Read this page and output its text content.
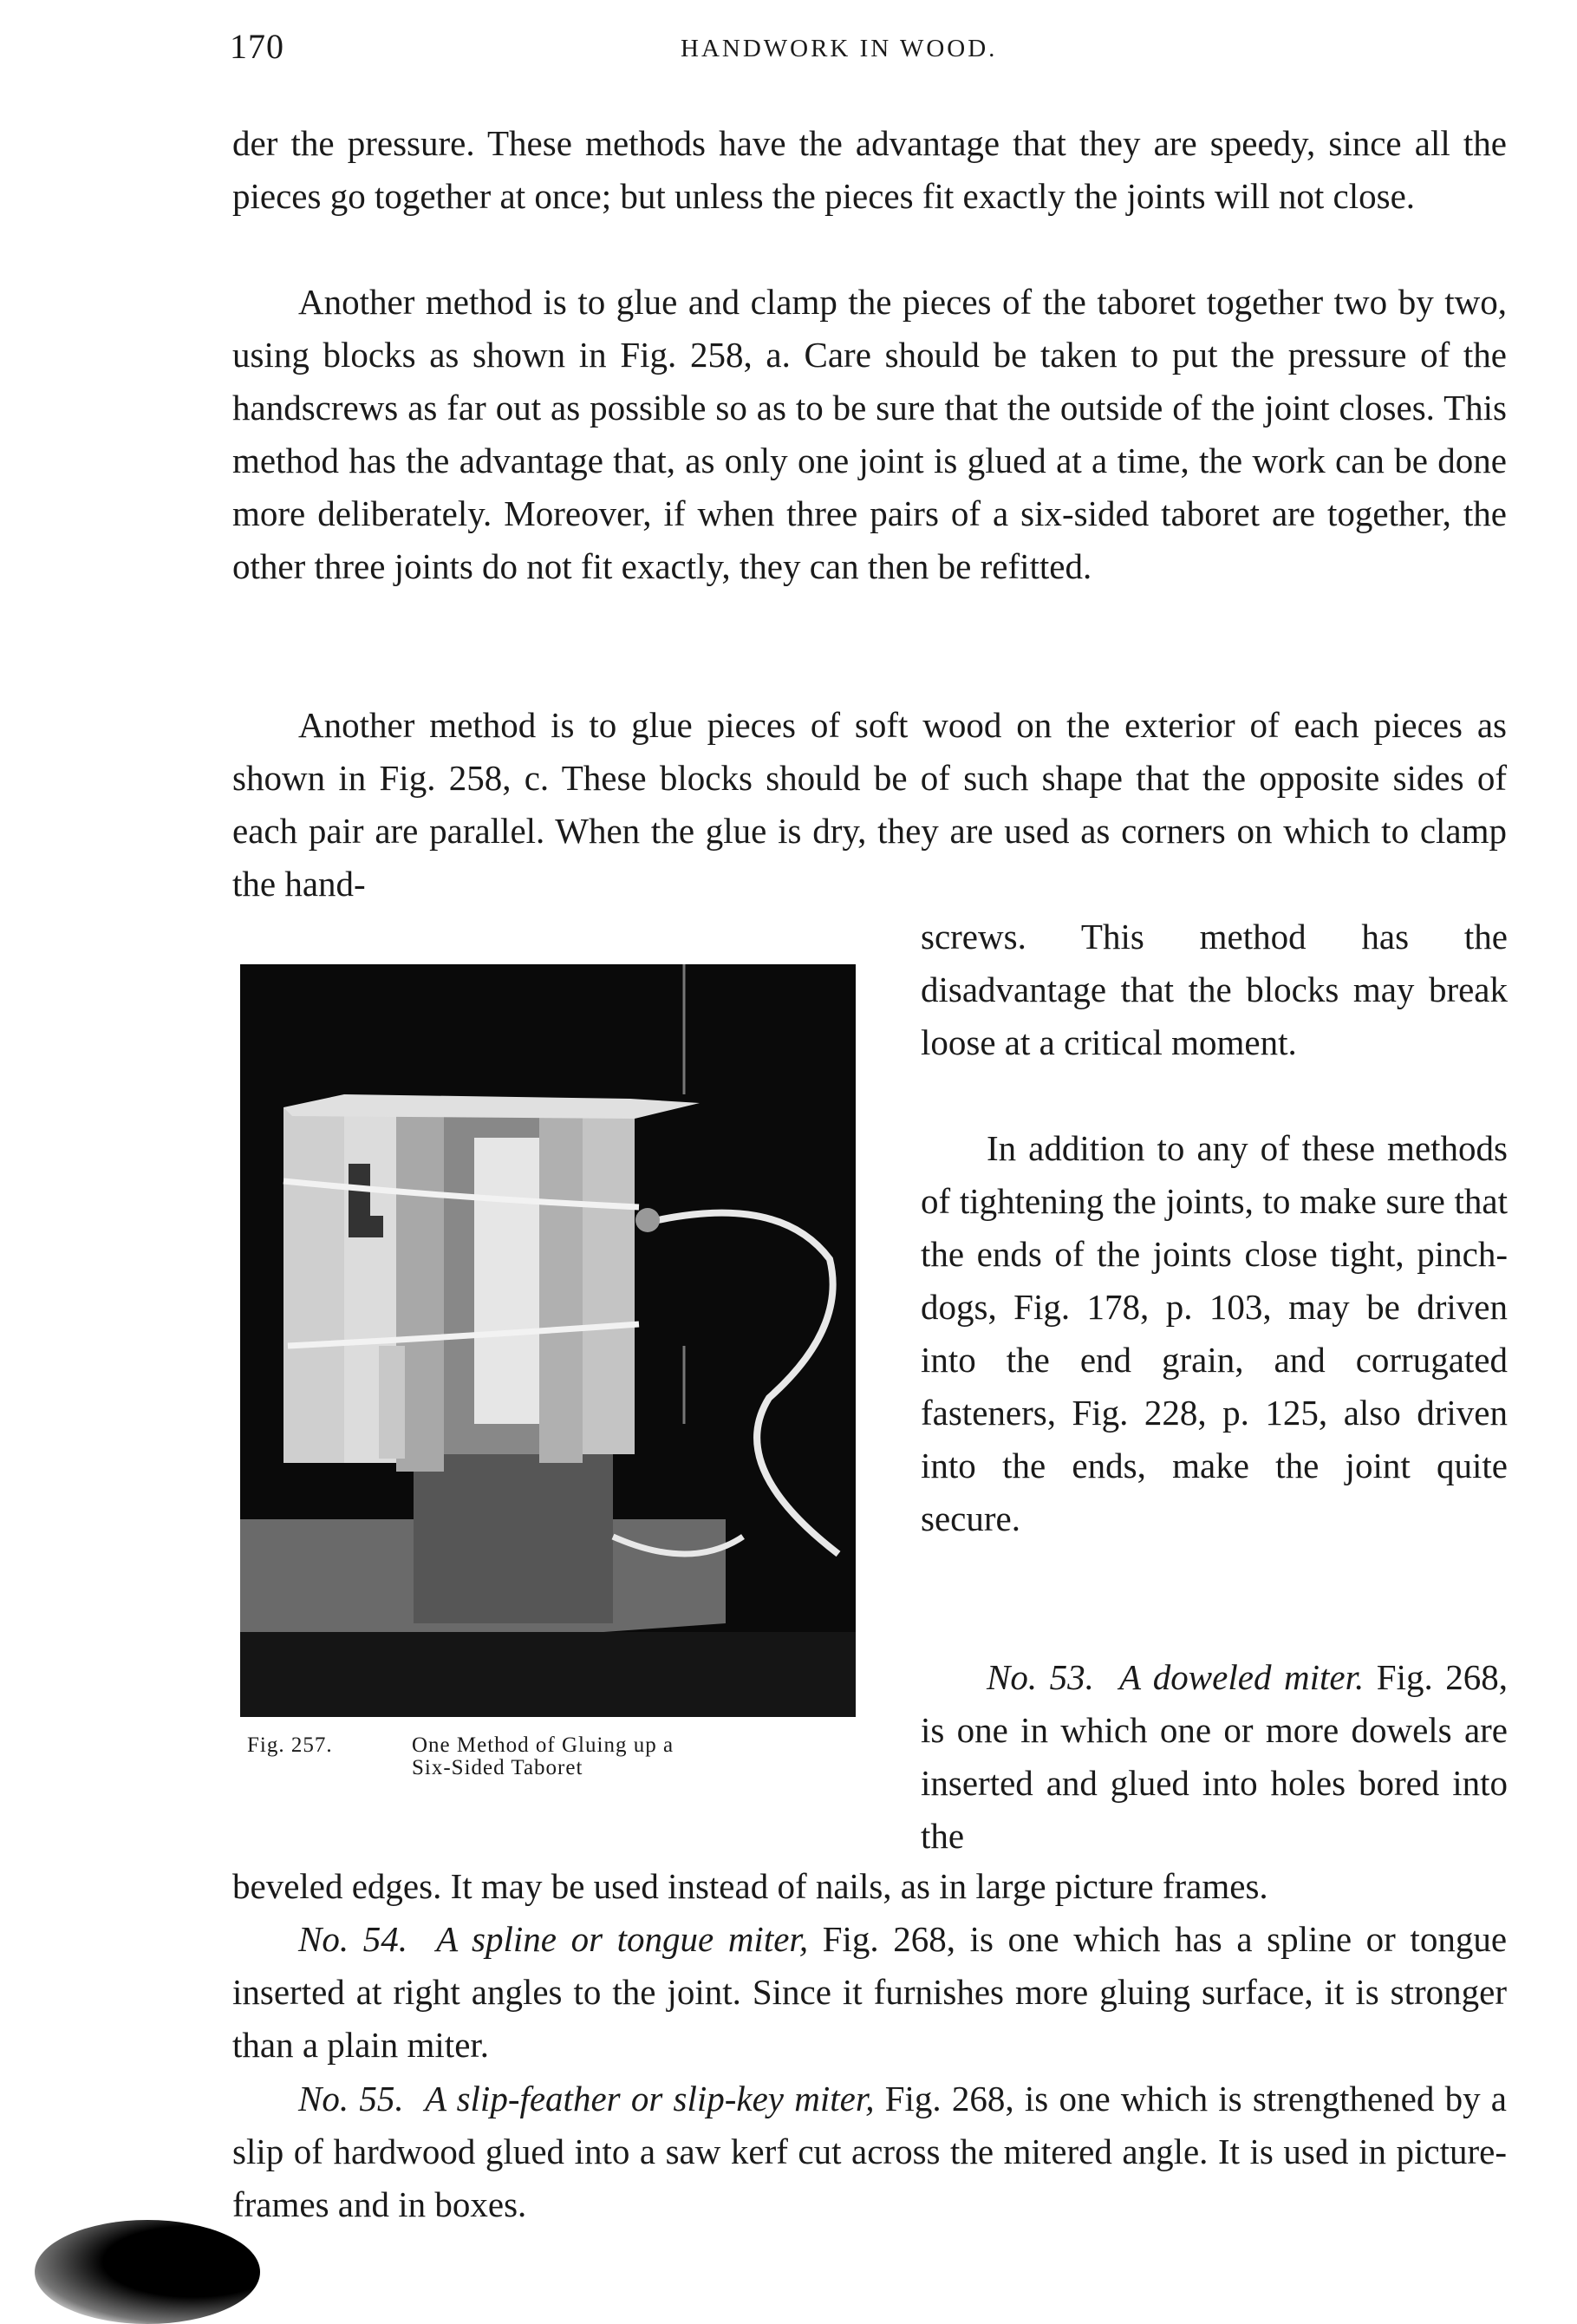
170	HANDWORK IN WOOD.

der the pressure. These methods have the advantage that they are speedy, since all the pieces go together at once; but unless the pieces fit exactly the joints will not close.

Another method is to glue and clamp the pieces of the taboret together two by two, using blocks as shown in Fig. 258, a. Care should be taken to put the pressure of the handscrews as far out as possible so as to be sure that the outside of the joint closes. This method has the advantage that, as only one joint is glued at a time, the work can be done more deliberately. Moreover, if when three pairs of a six-sided taboret are together, the other three joints do not fit exactly, they can then be refitted.

Another method is to glue pieces of soft wood on the exterior of each pieces as shown in Fig. 258, c. These blocks should be of such shape that the opposite sides of each pair are parallel. When the glue is dry, they are used as corners on which to clamp the hand-

screws. This method has the disadvantage that the blocks may break loose at a critical moment.

In addition to any of these methods of tightening the joints, to make sure that the ends of the joints close tight, pinch-dogs, Fig. 178, p. 103, may be driven into the end grain, and corrugated fasteners, Fig. 228, p. 125, also driven into the ends, make the joint quite secure.

No. 53. A doweled miter. Fig. 268, is one in which one or more dowels are inserted and glued into holes bored into the

beveled edges. It may be used instead of nails, as in large picture frames.

No. 54. A spline or tongue miter, Fig. 268, is one which has a spline or tongue inserted at right angles to the joint. Since it furnishes more gluing surface, it is stronger than a plain miter.

No. 55. A slip-feather or slip-key miter, Fig. 268, is one which is strengthened by a slip of hardwood glued into a saw kerf cut across the mitered angle. It is used in picture-frames and in boxes.

Fig. 257.	One Method of Gluing up a
Six-Sided Taboret
